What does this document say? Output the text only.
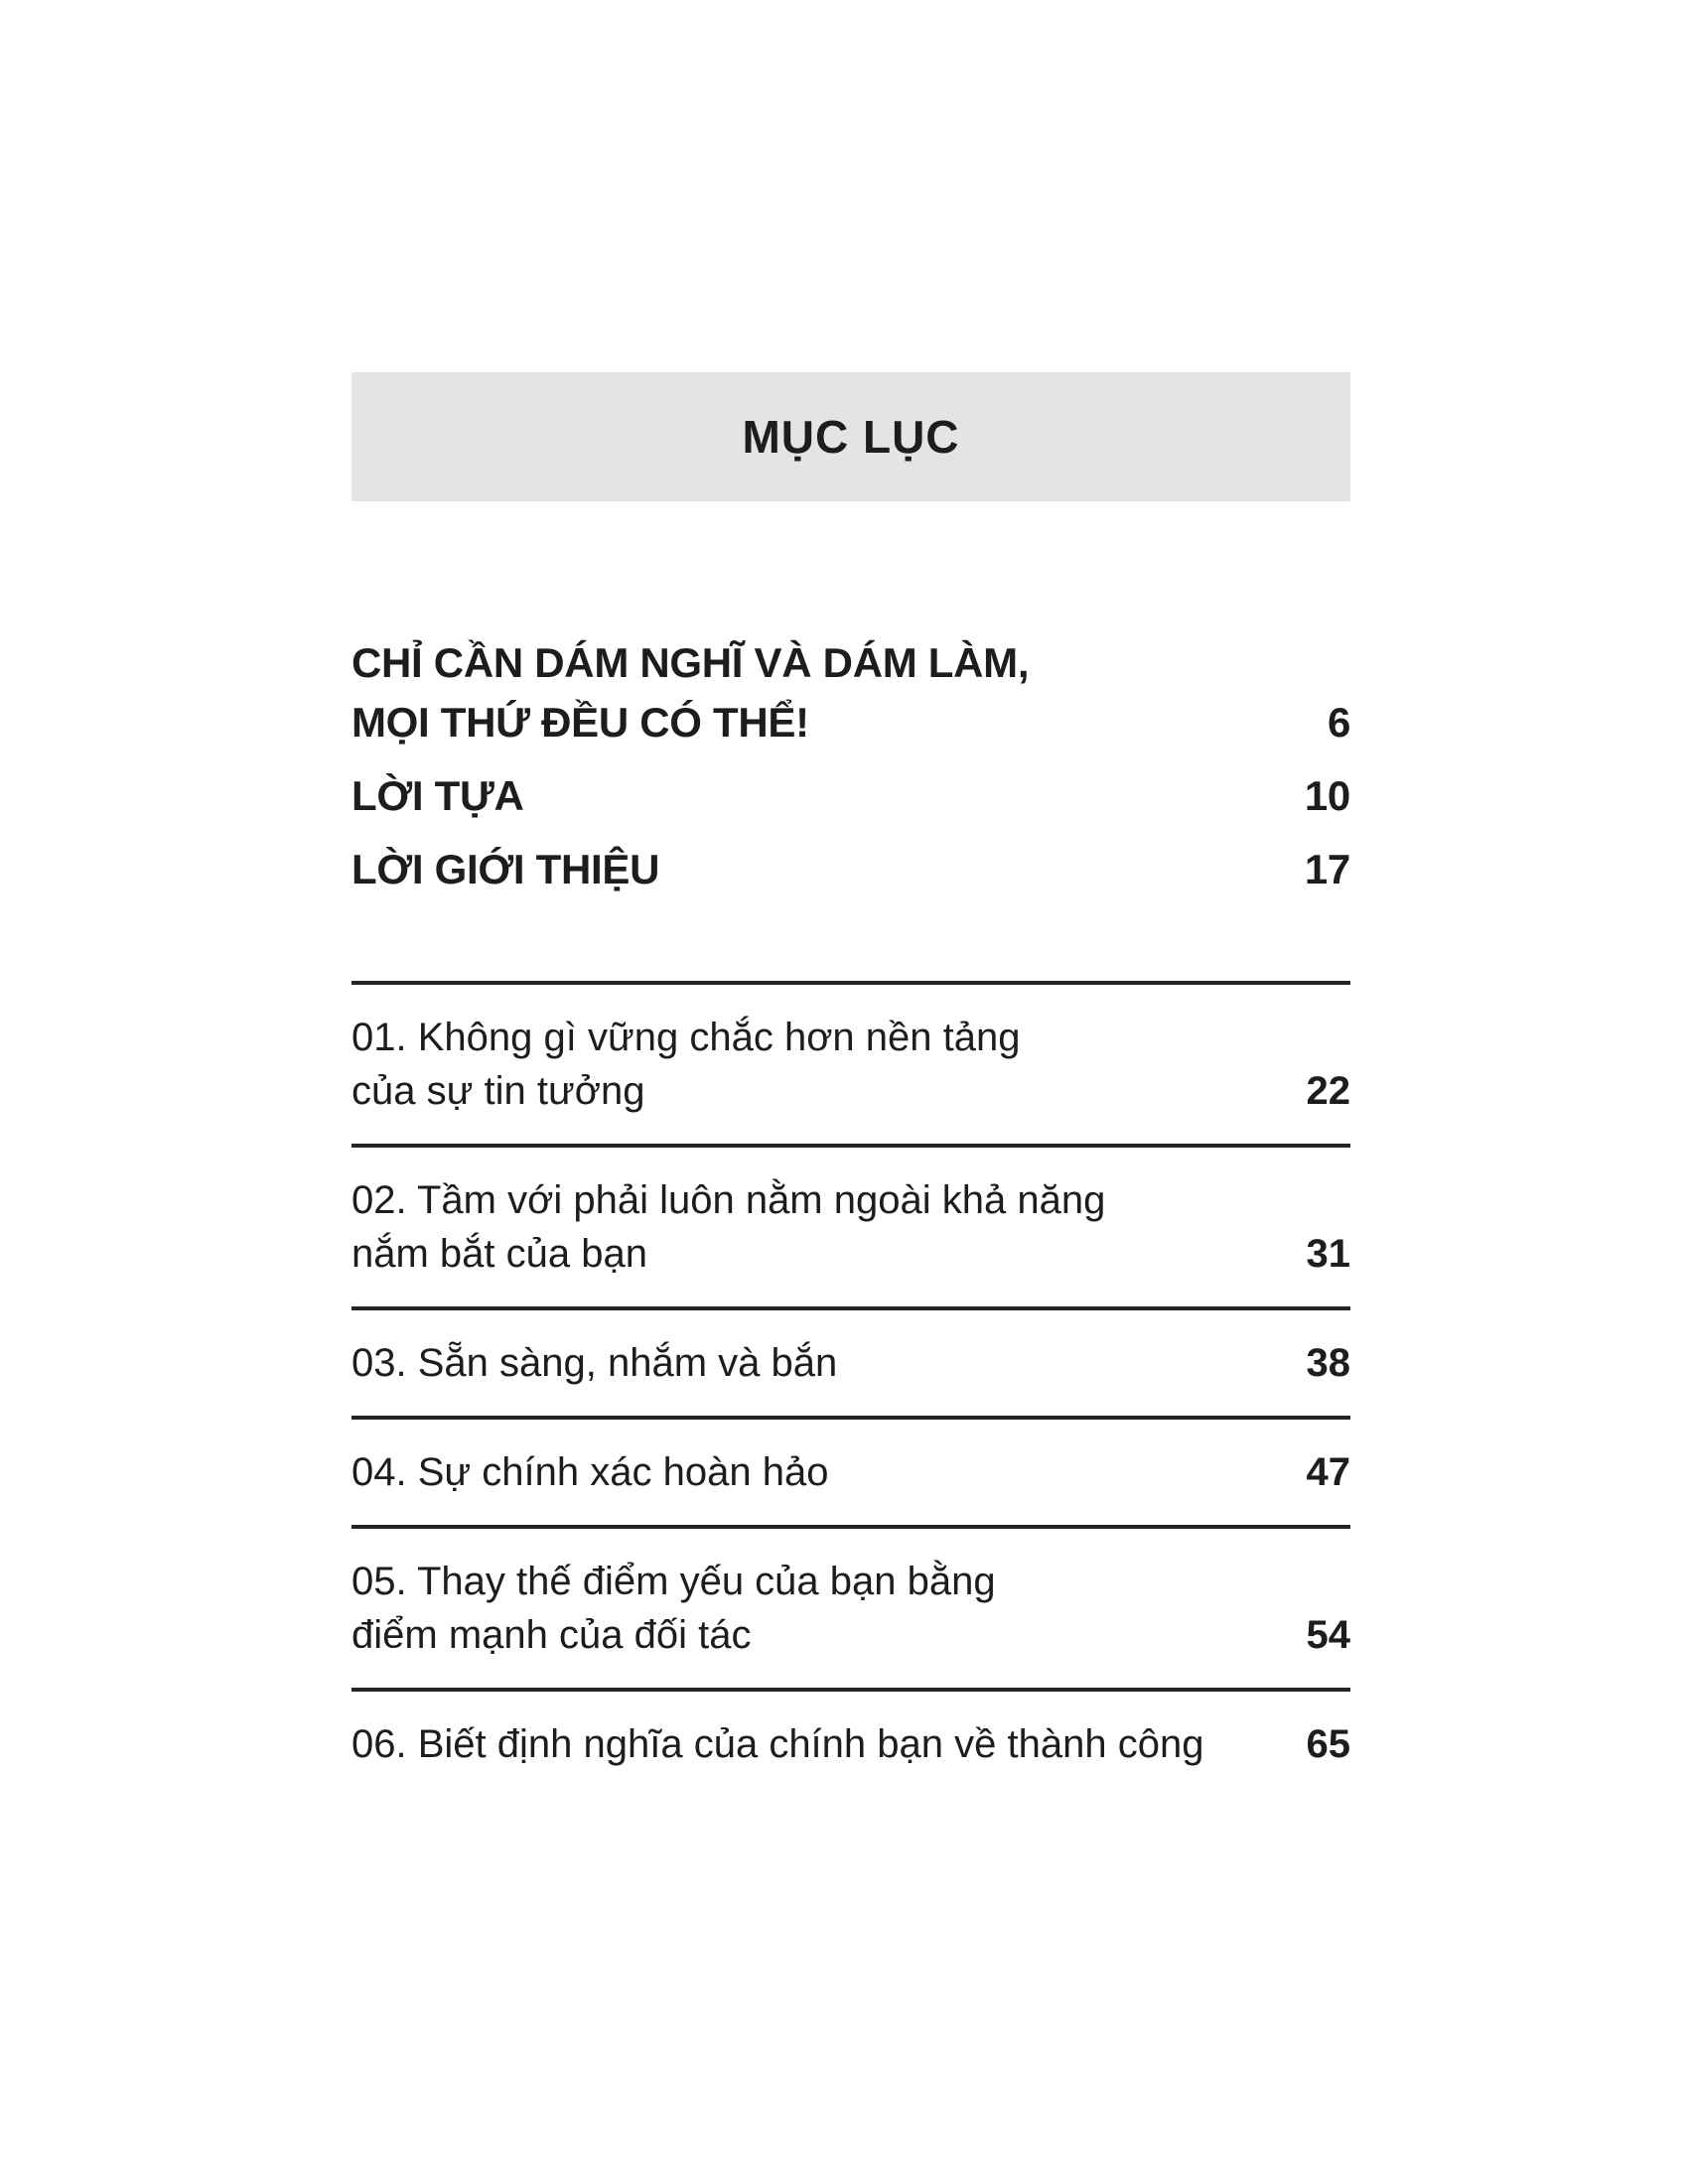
MỤC LỤC
CHỈ CẦN DÁM NGHĨ VÀ DÁM LÀM,
MỌI THỨ ĐỀU CÓ THỂ!	6
LỜI TỰA	10
LỜI GIỚI THIỆU	17
01. Không gì vững chắc hơn nền tảng
của sự tin tưởng	22
02. Tầm với phải luôn nằm ngoài khả năng
nắm bắt của bạn	31
03. Sẵn sàng, nhắm và bắn	38
04. Sự chính xác hoàn hảo	47
05. Thay thế điểm yếu của bạn bằng
điểm mạnh của đối tác	54
06. Biết định nghĩa của chính bạn về thành công	65
